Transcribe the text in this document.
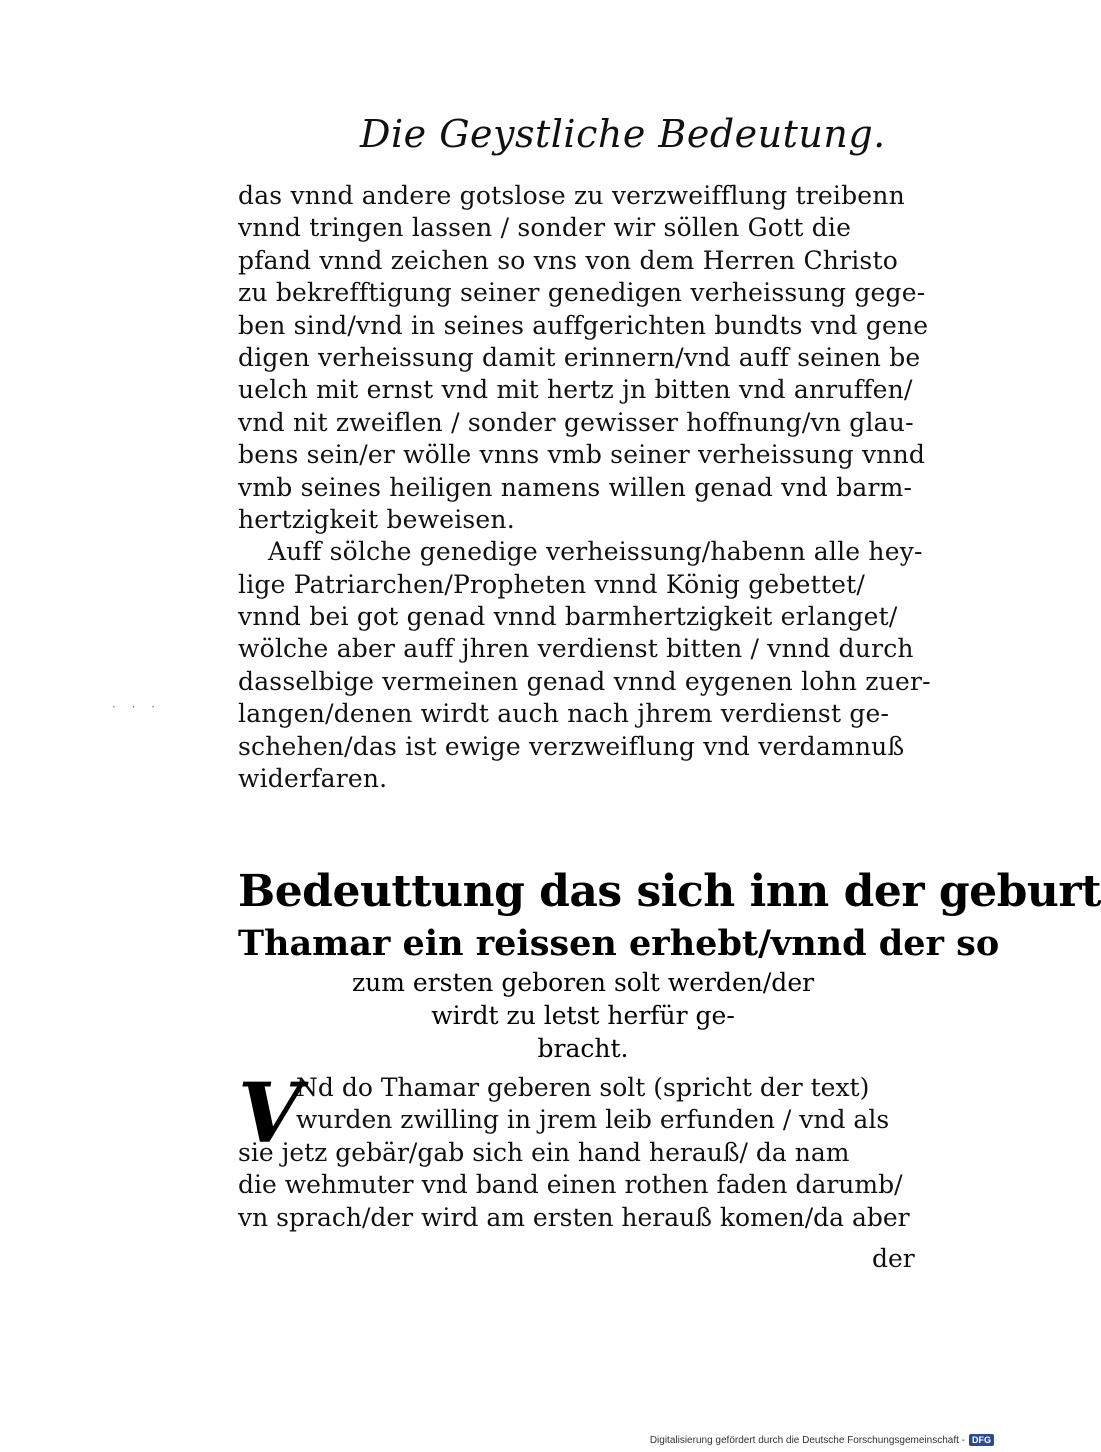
Die Geystliche Bedeutung.
das vnnd andere gotslose zu verzweifflung treibenn
vnnd tringen lassen / sonder wir söllen Gott die
pfand vnnd zeichen so vns von dem Herren Christo
zu bekrefftigung seiner genedigen verheissung gege-
ben sind/vnd in seines auffgerichten bundts vnd gene
digen verheissung damit erinnern/vnd auff seinen be
uelch mit ernst vnd mit hertz jn bitten vnd anruffen/
vnd nit zweiflen / sonder gewisser hoffnung/vn glau-
bens sein/er wölle vnns vmb seiner verheissung vnnd
vmb seines heiligen namens willen genad vnd barm-
hertzigkeit beweisen.
Auff sölche genedige verheissung/habenn alle hey-
lige Patriarchen/Propheten vnnd König gebettet/
vnnd bei got genad vnnd barmhertzigkeit erlanget/
wölche aber auff jhren verdienst bitten / vnnd durch
dasselbige vermeinen genad vnnd eygenen lohn zuer-
langen/denen wirdt auch nach jhrem verdienst ge-
schehen/das ist ewige verzweiflung vnd verdamnuß
widerfaren.
· · ·
Bedeuttung das sich inn der geburt
Thamar ein reissen erhebt/vnnd der so
zum ersten geboren solt werden/der
wirdt zu letst herfür ge-
bracht.
V
Nd do Thamar geberen solt (spricht der text)
wurden zwilling in jrem leib erfunden / vnd als
sie jetz gebär/gab sich ein hand herauß/ da nam
die wehmuter vnd band einen rothen faden darumb/
vn sprach/der wird am ersten herauß komen/da aber
der
Digitalisierung gefördert durch die Deutsche Forschungsgemeinschaft - DFG
